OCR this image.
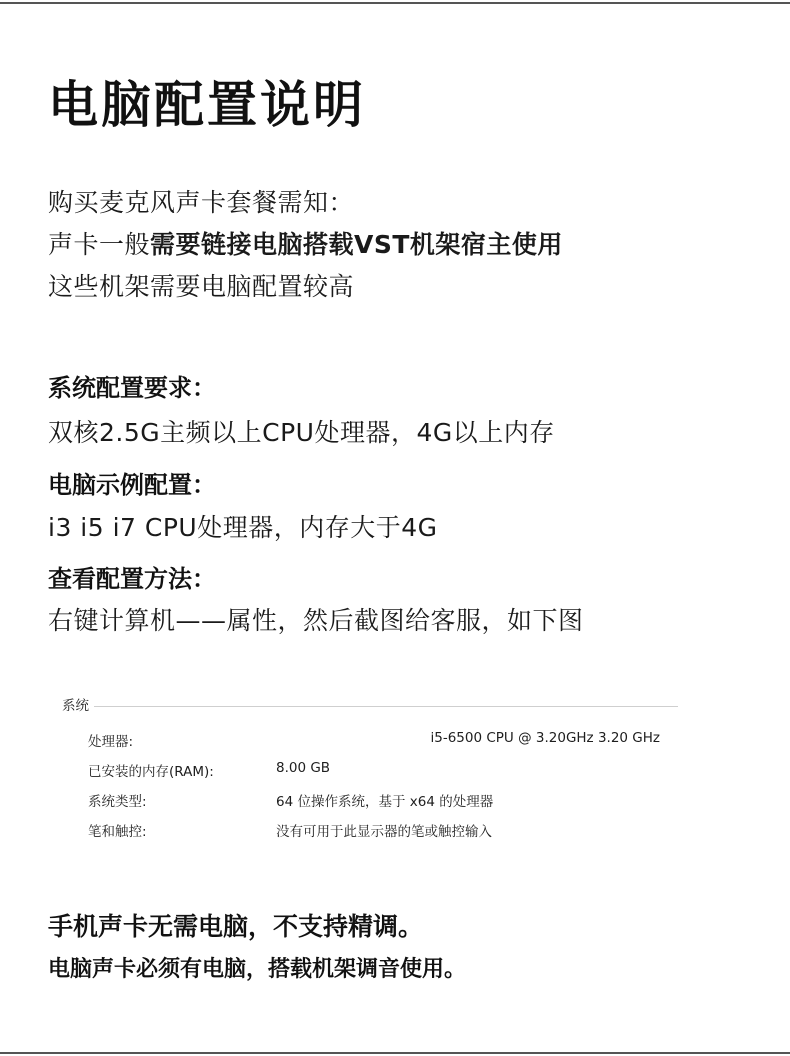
电脑配置说明
购买麦克风声卡套餐需知：
声卡一般需要链接电脑搭载VST机架宿主使用
这些机架需要电脑配置较高
系统配置要求：
双核2.5G主频以上CPU处理器，4G以上内存
电脑示例配置：
i3 i5 i7 CPU处理器，内存大于4G
查看配置方法：
右键计算机——属性，然后截图给客服，如下图
系统
处理器:	i5-6500 CPU @ 3.20GHz 3.20 GHz
已安装的内存(RAM):	8.00 GB
系统类型:	64 位操作系统，基于 x64 的处理器
笔和触控:	没有可用于此显示器的笔或触控输入
手机声卡无需电脑，不支持精调。
电脑声卡必须有电脑，搭载机架调音使用。
